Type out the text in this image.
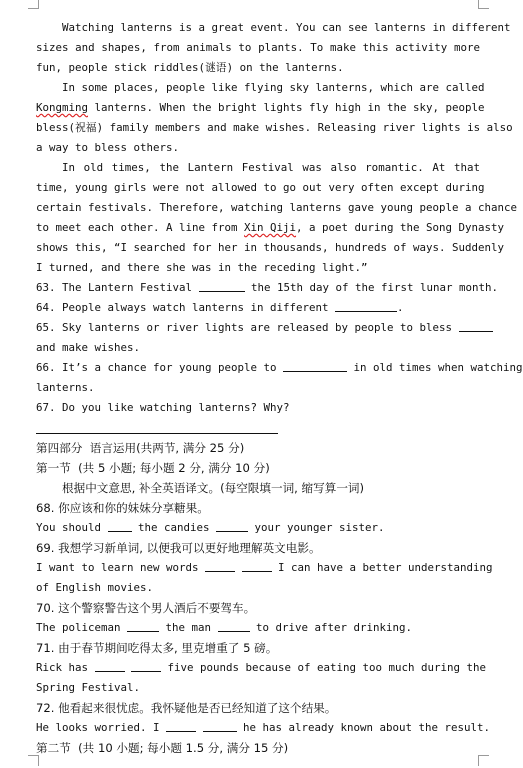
Watching lanterns is a great event. You can see lanterns in different
sizes and shapes, from animals to plants. To make this activity more
fun, people stick riddles(谜语) on the lanterns.
In some places, people like flying sky lanterns, which are called
Kongming lanterns. When the bright lights fly high in the sky, people
bless(祝福) family members and make wishes. Releasing river lights is also
a way to bless others.
In old times, the Lantern Festival was also romantic. At that
time, young girls were not allowed to go out very often except during
certain festivals. Therefore, watching lanterns gave young people a chance
to meet each other. A line from Xin Qiji, a poet during the Song Dynasty
shows this, “I searched for her in thousands, hundreds of ways. Suddenly
I turned, and there she was in the receding light.”
63. The Lantern Festival	the 15th day of the first lunar month.
64. People always watch lanterns in different	.
65. Sky lanterns or river lights are released by people to bless
and make wishes.
66. It’s a chance for young people to	in old times when watching
lanterns.
67. Do you like watching lanterns? Why?
第四部分  语言运用(共两节, 满分 25 分)
第一节  (共 5 小题; 每小题 2 分, 满分 10 分)
根据中文意思, 补全英语译文。(每空限填一词, 缩写算一词)
68. 你应该和你的妹妹分享糖果。
You should  the candies	your younger sister.
69. 我想学习新单词, 以便我可以更好地理解英文电影。
I want to learn new words	I can have a better understanding
of English movies.
70. 这个警察警告这个男人酒后不要驾车。
The policeman	the man	to drive after drinking.
71. 由于春节期间吃得太多, 里克增重了 5 磅。
Rick has	five pounds because of eating too much during the
Spring Festival.
72. 他看起来很忧虑。我怀疑他是否已经知道了这个结果。
He looks worried. I	he has already known about the result.
第二节  (共 10 小题; 每小题 1.5 分, 满分 15 分)
